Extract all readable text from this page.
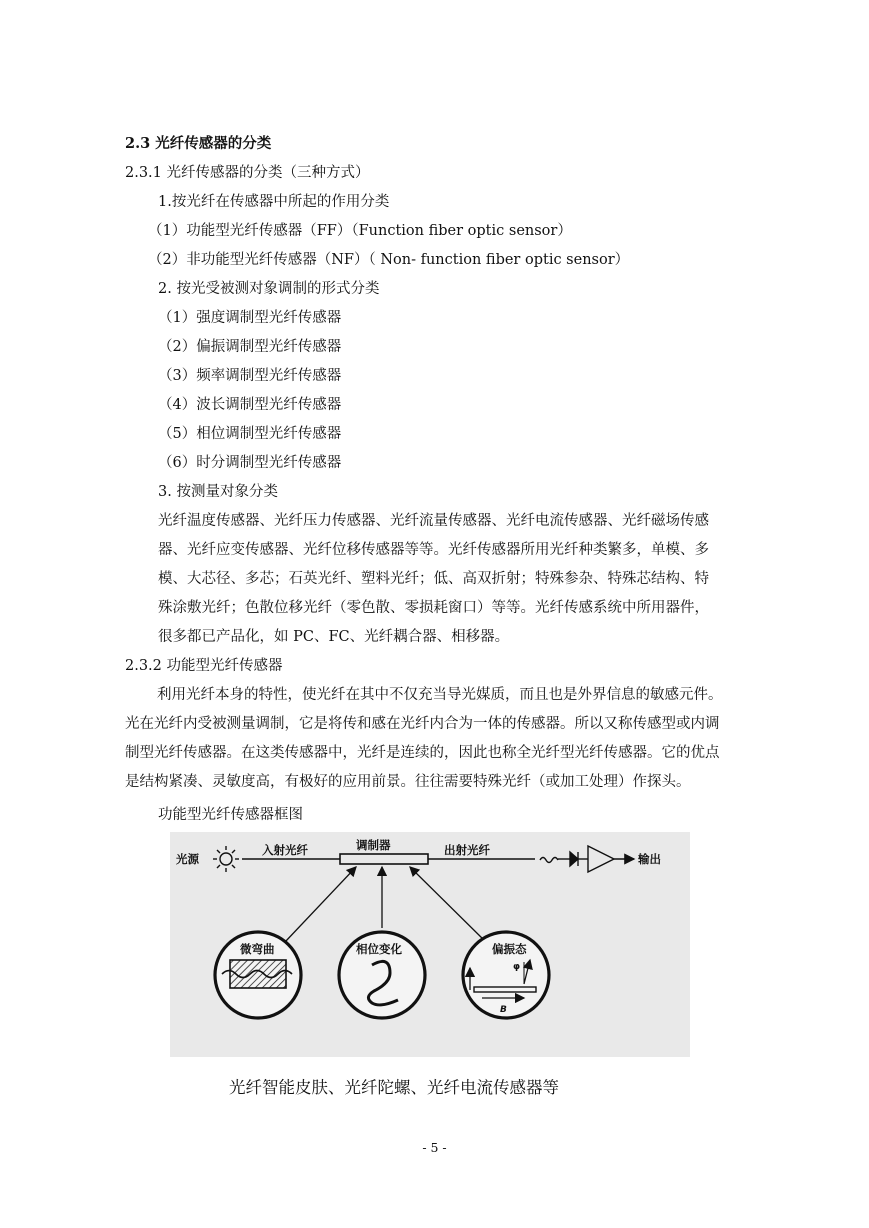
2.3 光纤传感器的分类
2.3.1 光纤传感器的分类（三种方式）
1.按光纤在传感器中所起的作用分类
（1）功能型光纤传感器（FF）（Function fiber optic sensor）
（2）非功能型光纤传感器（NF）（ Non- function fiber optic sensor）
2. 按光受被测对象调制的形式分类
（1）强度调制型光纤传感器
（2）偏振调制型光纤传感器
（3）频率调制型光纤传感器
（4）波长调制型光纤传感器
（5）相位调制型光纤传感器
（6）时分调制型光纤传感器
3. 按测量对象分类

光纤温度传感器、光纤压力传感器、光纤流量传感器、光纤电流传感器、光纤磁场传感

器、光纤应变传感器、光纤位移传感器等等。光纤传感器所用光纤种类繁多，单模、多

模、大芯径、多芯；石英光纤、塑料光纤；低、高双折射；特殊参杂、特殊芯结构、特

殊涂敷光纤；色散位移光纤（零色散、零损耗窗口）等等。光纤传感系统中所用器件，

很多都已产品化，如 PC、FC、光纤耦合器、相移器。

2.3.2 功能型光纤传感器

利用光纤本身的特性，使光纤在其中不仅充当导光媒质，而且也是外界信息的敏感元件。

光在光纤内受被测量调制，它是将传和感在光纤内合为一体的传感器。所以又称传感型或内调

制型光纤传感器。在这类传感器中，光纤是连续的，因此也称全光纤型光纤传感器。它的优点

是结构紧凑、灵敏度高，有极好的应用前景。往往需要特殊光纤（或加工处理）作探头。

功能型光纤传感器框图
光源
入射光纤	调制器	出射光纤
输出
微弯曲	相位变化	偏振态
φ
B
光纤智能皮肤、光纤陀螺、光纤电流传感器等
- 5 -
